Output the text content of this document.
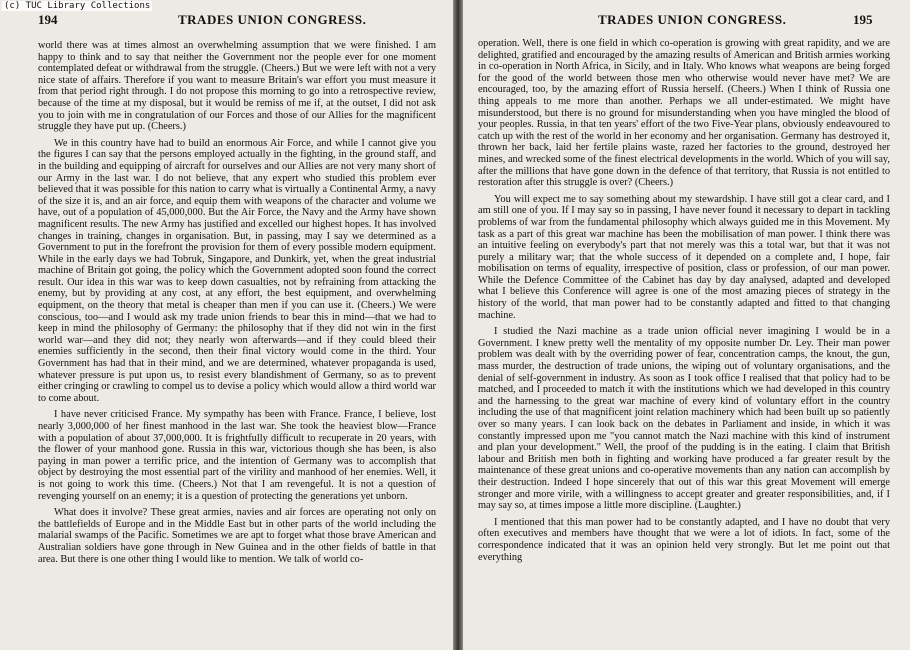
194	TRADES UNION CONGRESS.

world there was at times almost an overwhelming assumption that we were finished. I am happy to think and to say that neither the Government nor the people ever for one moment contemplated defeat or withdrawal from the struggle. (Cheers.) But we were left with not a very nice state of affairs. Therefore if you want to measure Britain's war effort you must measure it from that period right through. I do not propose this morning to go into a retrospective review, because of the time at my disposal, but it would be remiss of me if, at the outset, I did not ask you to join with me in congratulation of our Forces and those of our Allies for the magnificent struggle they have put up. (Cheers.)

We in this country have had to build an enormous Air Force, and while I cannot give you the figures I can say that the persons employed actually in the fighting, in the ground staff, and in the building and equipping of aircraft for ourselves and our Allies are not very many short of our Army in the last war. I do not believe, that any expert who studied this problem ever believed that it was possible for this nation to carry what is virtually a Continental Army, a navy of the size it is, and an air force, and equip them with weapons of the character and volume we have, out of a population of 45,000,000. But the Air Force, the Navy and the Army have shown magnificent results. The new Army has justified and excelled our highest hopes. It has involved changes in training, changes in organisation. But, in passing, may I say we determined as a Government to put in the forefront the provision for them of every possible modern equipment. While in the early days we had Tobruk, Singapore, and Dunkirk, yet, when the great industrial machine of Britain got going, the policy which the Government adopted soon found the correct result. Our idea in this war was to keep down casualties, not by refraining from attacking the enemy, but by providing at any cost, at any effort, the best equipment, and overwhelming equipment, on the theory that metal is cheaper than men if you can use it. (Cheers.) We were conscious, too—and I would ask my trade union friends to bear this in mind—that we had to keep in mind the philosophy of Germany: the philosophy that if they did not win in the first world war—and they did not; they nearly won afterwards—and if they could bleed their enemies sufficiently in the second, then their final victory would come in the third. Your Government has had that in their mind, and we are determined, whatever propaganda is used, whatever pressure is put upon us, to resist every blandishment of Germany, so as to prevent either cringing or crawling to compel us to devise a policy which would allow a third world war to come about.

I have never criticised France. My sympathy has been with France. France, I believe, lost nearly 3,000,000 of her finest manhood in the last war. She took the heaviest blow—France with a population of about 37,000,000. It is frightfully difficult to recuperate in 20 years, with the flower of your manhood gone. Russia in this war, victorious though she has been, is also paying in man power a terrific price, and the intention of Germany was to accomplish that object by destroying the most essential part of the virility and manhood of her enemies. Well, it is not going to work this time. (Cheers.) Not that I am revengeful. It is not a question of revenging yourself on an enemy; it is a question of protecting the generations yet unborn.

What does it involve? These great armies, navies and air forces are operating not only on the battlefields of Europe and in the Middle East but in other parts of the world including the malarial swamps of the Pacific. Sometimes we are apt to forget what those brave American and Australian soldiers have gone through in New Guinea and in the other fields of battle in that area. But there is one other thing I would like to mention. We talk of world co-

TRADES UNION CONGRESS.	195

operation. Well, there is one field in which co-operation is growing with great rapidity, and we are delighted, gratified and encouraged by the amazing results of American and British armies working in co-operation in North Africa, in Sicily, and in Italy. Who knows what weapons are being forged for the good of the world between those men who otherwise would never have met? We are encouraged, too, by the amazing effort of Russia herself. (Cheers.) When I think of Russia one thing appeals to me more than another. Perhaps we all under-estimated. We might have misunderstood, but there is no ground for misunderstanding when you have mingled the blood of your peoples. Russia, in that ten years' effort of the two Five-Year plans, obviously endeavoured to catch up with the rest of the world in her economy and her organisation. Germany has destroyed it, thrown her back, laid her fertile plains waste, razed her factories to the ground, destroyed her mines, and wrecked some of the finest electrical developments in the world. Which of you will say, after the millions that have gone down in the defence of that territory, that Russia is not entitled to restoration after this struggle is over? (Cheers.)

You will expect me to say something about my stewardship. I have still got a clear card, and I am still one of you. If I may say so in passing, I have never found it necessary to depart in tackling problems of war from the fundamental philosophy which always guided me in this Movement. My task as a part of this great war machine has been the mobilisation of man power. I think there was an intuitive feeling on everybody's part that not merely was this a total war, but that it was not purely a military war; that the whole success of it depended on a complete and, I hope, fair mobilisation on terms of equality, irrespective of position, class or profession, of our man power. While the Defence Committee of the Cabinet has day by day analysed, adapted and developed what I believe this Conference will agree is one of the most amazing pieces of strategy in the history of the world, that man power had to be constantly adapted and fitted to that changing machine.

I studied the Nazi machine as a trade union official never imagining I would be in a Government. I knew pretty well the mentality of my opposite number Dr. Ley. Their man power problem was dealt with by the overriding power of fear, concentration camps, the knout, the gun, mass murder, the destruction of trade unions, the wiping out of voluntary organisations, and the denial of self-government in industry. As soon as I took office I realised that that policy had to be matched, and I proceeded to match it with the institutions which we had developed in this country and the harnessing to the great war machine of every kind of voluntary effort in the country including the use of that magnificent joint relation machinery which had been built up so patiently over so many years. I can look back on the debates in Parliament and inside, in which it was constantly impressed upon me "you cannot match the Nazi machine with this kind of instrument and plan your development." Well, the proof of the pudding is in the eating. I claim that British labour and British men both in fighting and working have produced a far greater result by the maintenance of these great unions and co-operative movements than any nation can accomplish by their destruction. Indeed I hope sincerely that out of this war this great Movement will emerge stronger and more virile, with a willingness to accept greater and greater responsibilities, and, if I may say so, at times impose a little more discipline. (Laughter.)

I mentioned that this man power had to be constantly adapted, and I have no doubt that very often executives and members have thought that we were a lot of idiots. In fact, some of the correspondence indicated that it was an opinion held very strongly. But let me point out that everything

(c) TUC Library Collections
